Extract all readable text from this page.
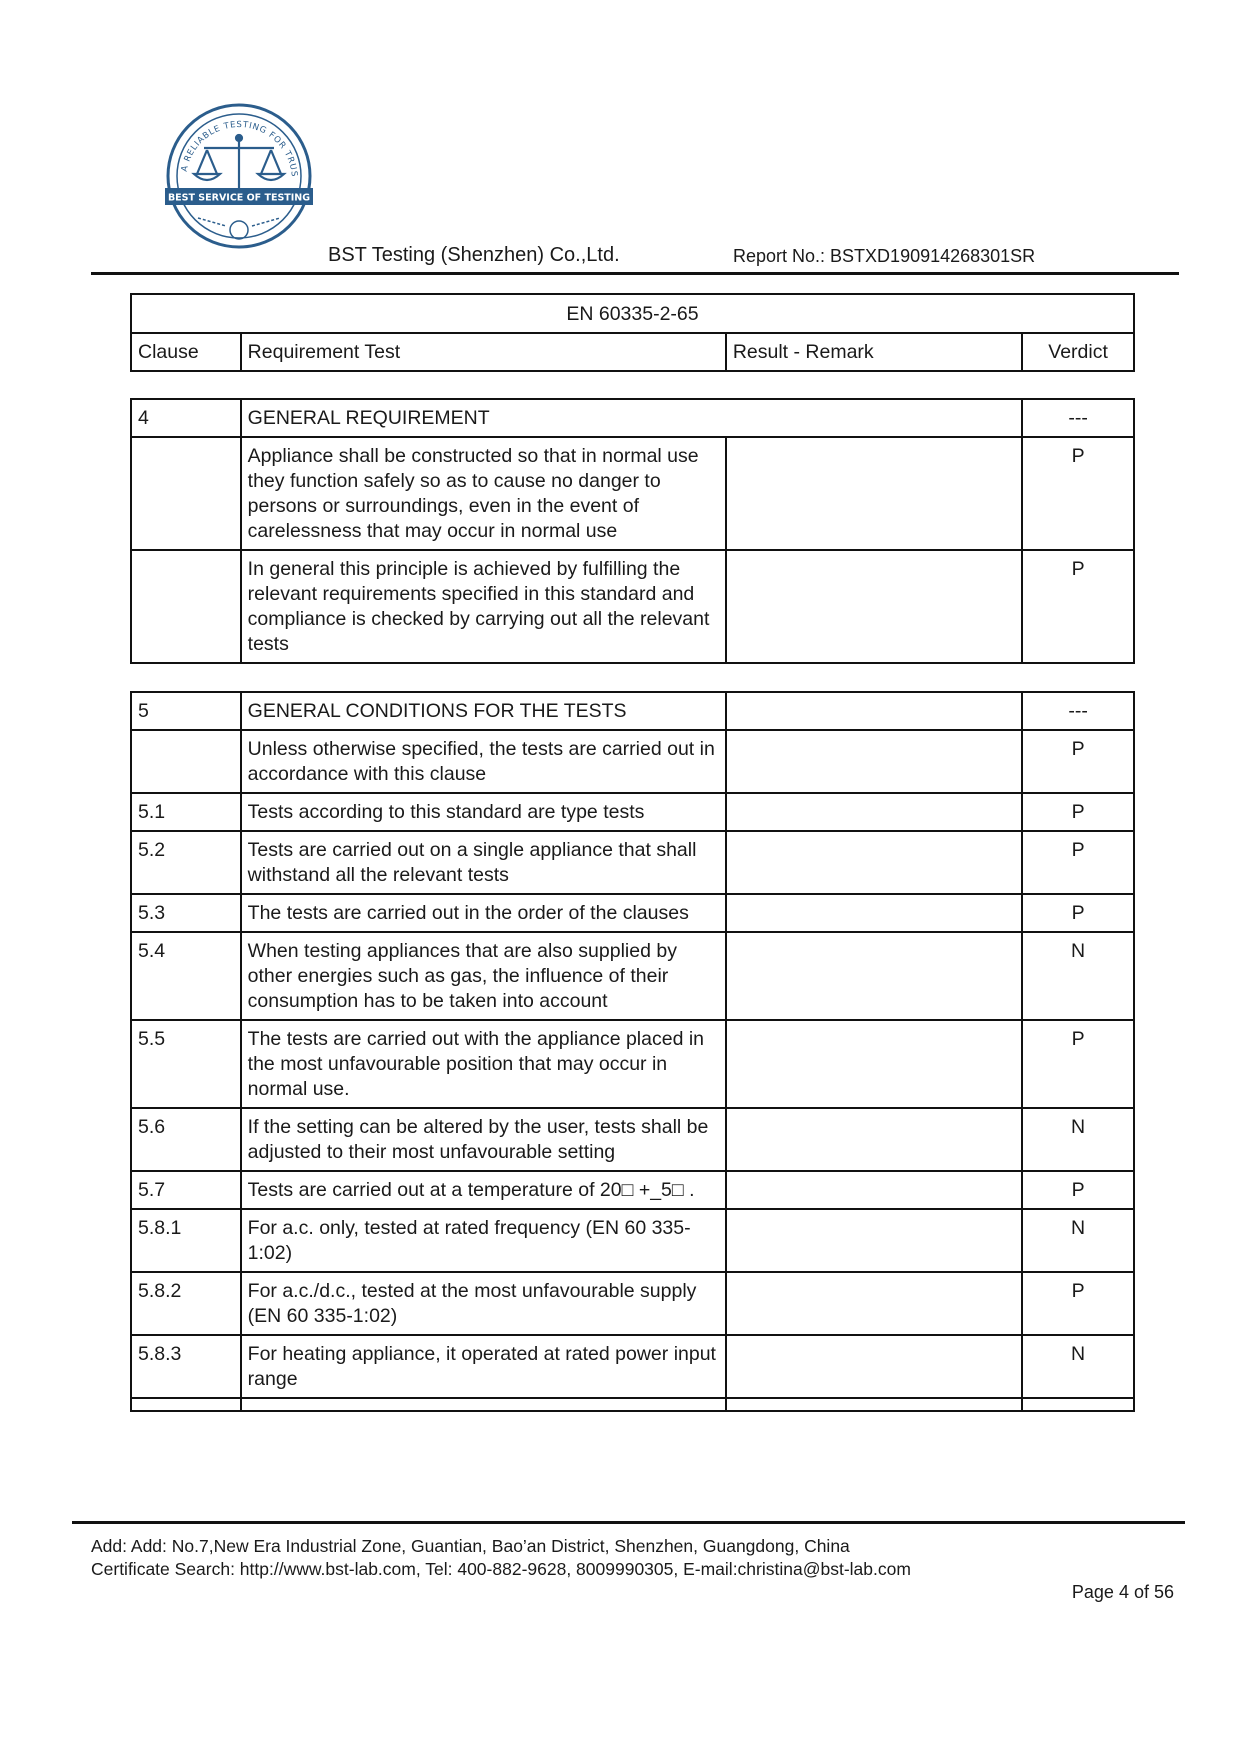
A RELIABLE TESTING FOR TRUS
BEST SERVICE OF TESTING
BST Testing (Shenzhen) Co.,Ltd.	Report No.: BSTXD190914268301SR
EN 60335-2-65
Clause	Requirement Test	Result - Remark	Verdict
4	GENERAL REQUIREMENT		---
	Appliance shall be constructed so that in normal use they function safely so as to cause no danger to persons or surroundings, even in the event of carelessness that may occur in normal use		P
	In general this principle is achieved by fulfilling the relevant requirements specified in this standard and compliance is checked by carrying out all the relevant tests		P
5	GENERAL CONDITIONS FOR THE TESTS		---
	Unless otherwise specified, the tests are carried out in accordance with this clause		P
5.1	Tests according to this standard are type tests		P
5.2	Tests are carried out on a single appliance that shall withstand all the relevant tests		P
5.3	The tests are carried out in the order of the clauses		P
5.4	When testing appliances that are also supplied by other energies such as gas, the influence of their consumption has to be taken into account		N
5.5	The tests are carried out with the appliance placed in the most unfavourable position that may occur in normal use.		P
5.6	If the setting can be altered by the user, tests shall be adjusted to their most unfavourable setting		N
5.7	Tests are carried out at a temperature of 20□ +_5□ .		P
5.8.1	For a.c. only, tested at rated frequency (EN 60 335-1:02)		N
5.8.2	For a.c./d.c., tested at the most unfavourable supply (EN 60 335-1:02)		P
5.8.3	For heating appliance, it operated at rated power input range		N

Add: Add: No.7,New Era Industrial Zone, Guantian, Bao’an District, Shenzhen, Guangdong, China
Certificate Search: http://www.bst-lab.com, Tel: 400-882-9628, 8009990305, E-mail:christina@bst-lab.com
Page 4 of 56
